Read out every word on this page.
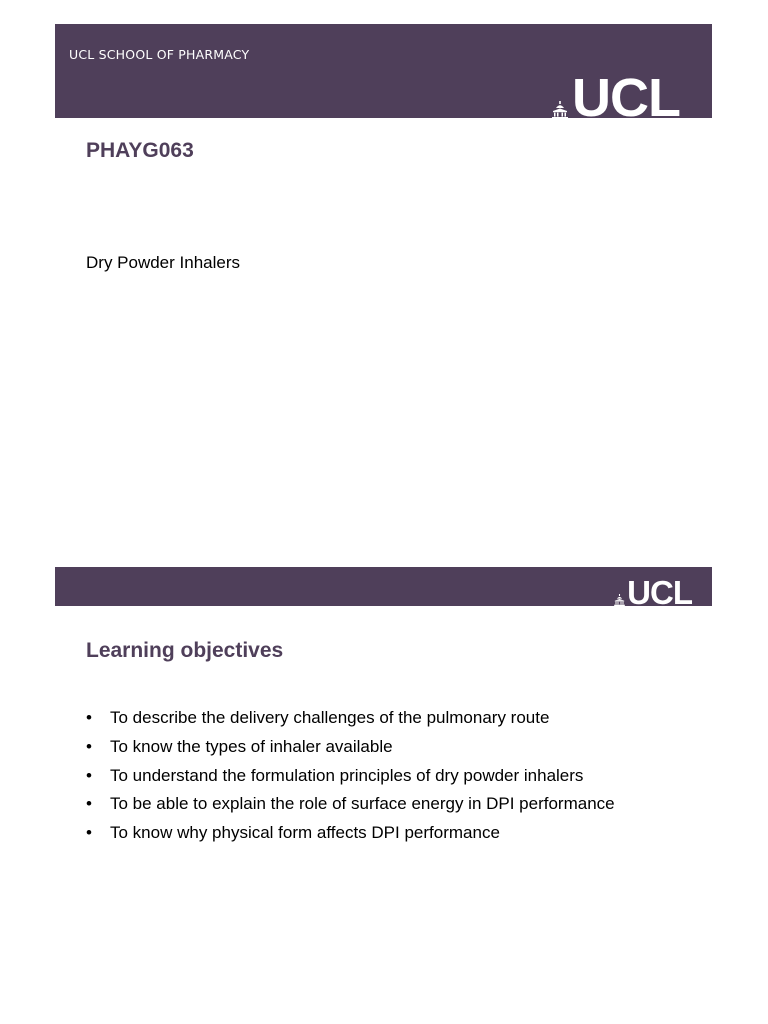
UCL SCHOOL OF PHARMACY
UCL
PHAYG063

Dry Powder Inhalers

UCL
Learning objectives
• To describe the delivery challenges of the pulmonary route
• To know the types of inhaler available
• To understand the formulation principles of dry powder inhalers
• To be able to explain the role of surface energy in DPI performance
• To know why physical form affects DPI performance
